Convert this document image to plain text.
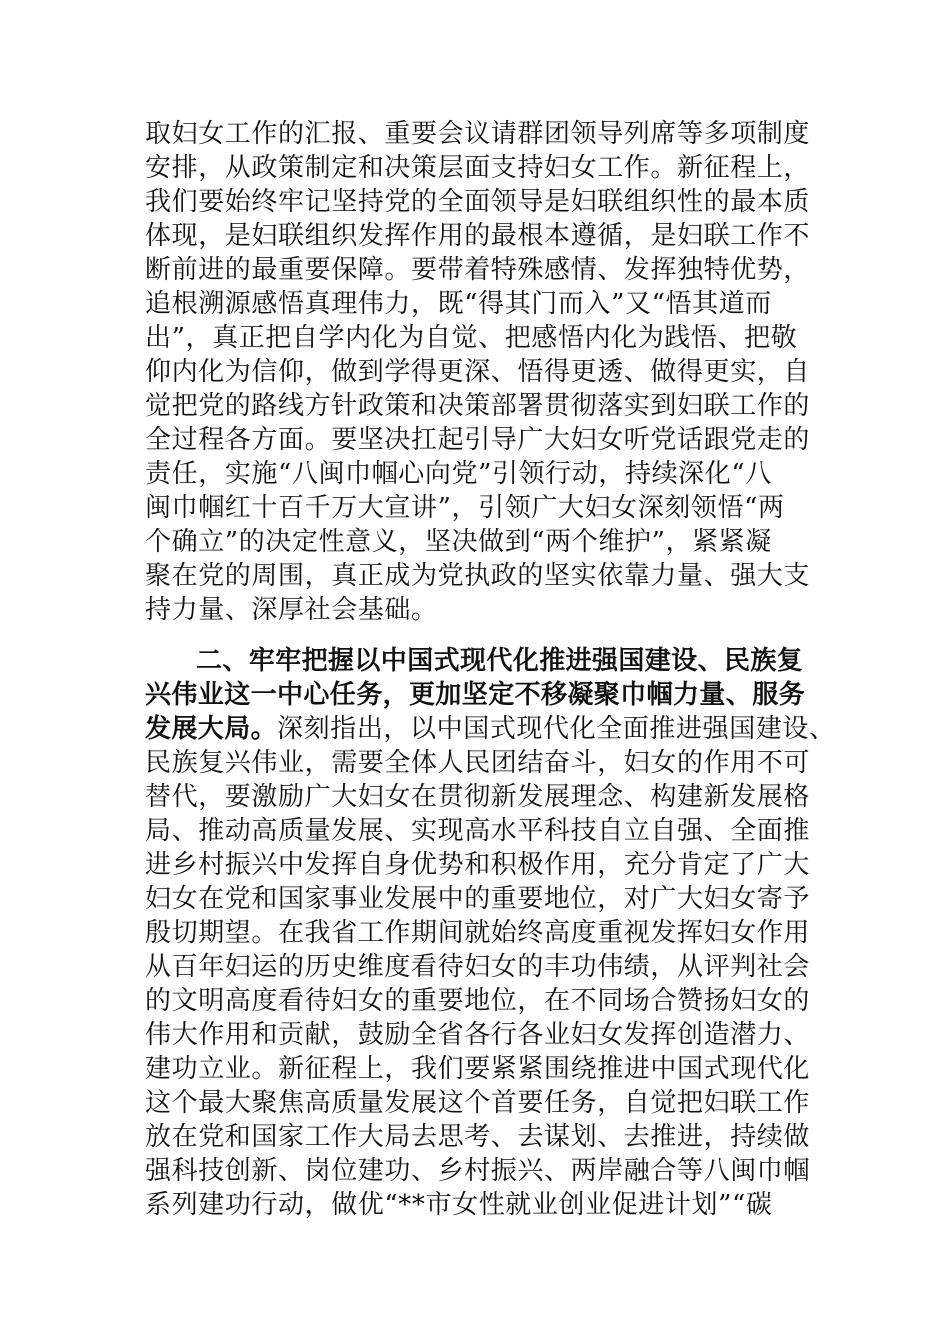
取妇女工作的汇报、重要会议请群团领导列席等多项制度
安排，从政策制定和决策层面支持妇女工作。新征程上，
我们要始终牢记坚持党的全面领导是妇联组织性的最本质
体现，是妇联组织发挥作用的最根本遵循，是妇联工作不
断前进的最重要保障。要带着特殊感情、发挥独特优势，
追根溯源感悟真理伟力，既“得其门而入”又“悟其道而
出”，真正把自学内化为自觉、把感悟内化为践悟、把敬
仰内化为信仰，做到学得更深、悟得更透、做得更实，自
觉把党的路线方针政策和决策部署贯彻落实到妇联工作的
全过程各方面。要坚决扛起引导广大妇女听党话跟党走的
责任，实施“八闽巾帼心向党”引领行动，持续深化“八
闽巾帼红十百千万大宣讲”，引领广大妇女深刻领悟“两
个确立”的决定性意义，坚决做到“两个维护”，紧紧凝
聚在党的周围，真正成为党执政的坚实依靠力量、强大支
持力量、深厚社会基础。
二、牢牢把握以中国式现代化推进强国建设、民族复
兴伟业这一中心任务，更加坚定不移凝聚巾帼力量、服务
发展大局。深刻指出，以中国式现代化全面推进强国建设、
民族复兴伟业，需要全体人民团结奋斗，妇女的作用不可
替代，要激励广大妇女在贯彻新发展理念、构建新发展格
局、推动高质量发展、实现高水平科技自立自强、全面推
进乡村振兴中发挥自身优势和积极作用，充分肯定了广大
妇女在党和国家事业发展中的重要地位，对广大妇女寄予
殷切期望。在我省工作期间就始终高度重视发挥妇女作用
从百年妇运的历史维度看待妇女的丰功伟绩，从评判社会
的文明高度看待妇女的重要地位，在不同场合赞扬妇女的
伟大作用和贡献，鼓励全省各行各业妇女发挥创造潜力、
建功立业。新征程上，我们要紧紧围绕推进中国式现代化
这个最大聚焦高质量发展这个首要任务，自觉把妇联工作
放在党和国家工作大局去思考、去谋划、去推进，持续做
强科技创新、岗位建功、乡村振兴、两岸融合等八闽巾帼
系列建功行动，做优“**市女性就业创业促进计划”“碳
